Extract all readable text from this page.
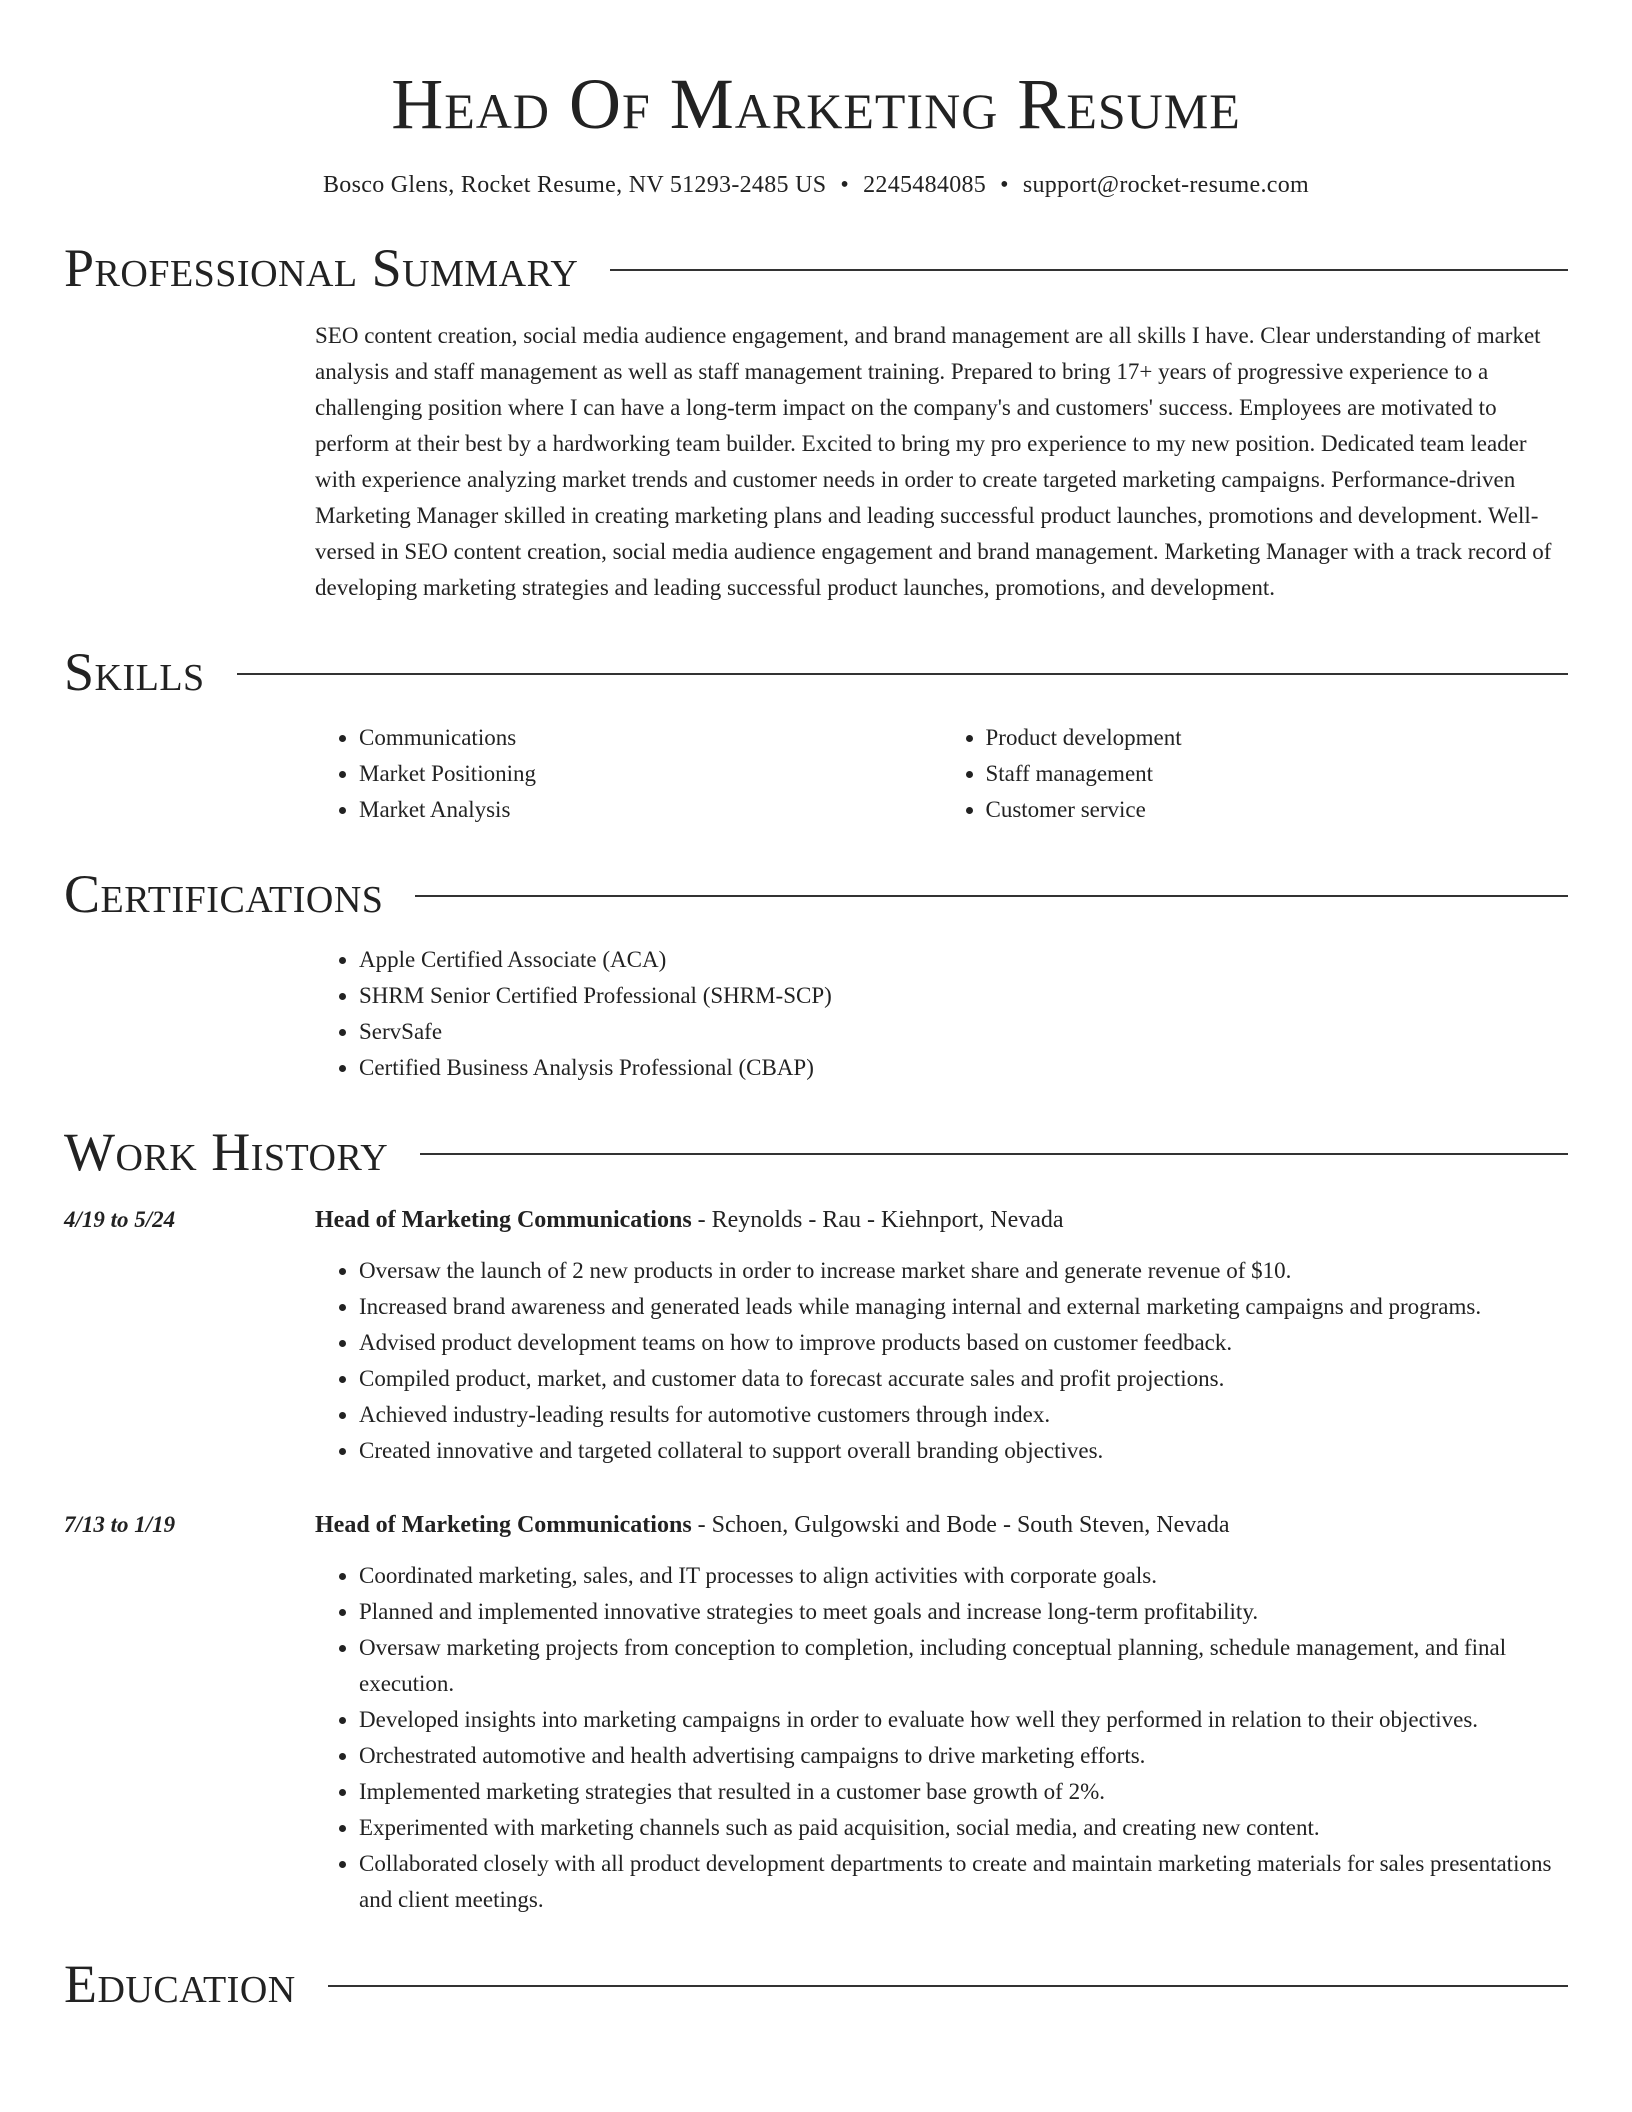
Head Of Marketing Resume
Bosco Glens, Rocket Resume, NV 51293-2485 US • 2245484085 • support@rocket-resume.com
Professional Summary
SEO content creation, social media audience engagement, and brand management are all skills I have. Clear understanding of market analysis and staff management as well as staff management training. Prepared to bring 17+ years of progressive experience to a challenging position where I can have a long-term impact on the company's and customers' success. Employees are motivated to perform at their best by a hardworking team builder. Excited to bring my pro experience to my new position. Dedicated team leader with experience analyzing market trends and customer needs in order to create targeted marketing campaigns. Performance-driven Marketing Manager skilled in creating marketing plans and leading successful product launches, promotions and development. Well-versed in SEO content creation, social media audience engagement and brand management. Marketing Manager with a track record of developing marketing strategies and leading successful product launches, promotions, and development.
Skills
• Communications
• Market Positioning
• Market Analysis
• Product development
• Staff management
• Customer service
Certifications
• Apple Certified Associate (ACA)
• SHRM Senior Certified Professional (SHRM-SCP)
• ServSafe
• Certified Business Analysis Professional (CBAP)
Work History
4/19 to 5/24	Head of Marketing Communications - Reynolds - Rau - Kiehnport, Nevada
• Oversaw the launch of 2 new products in order to increase market share and generate revenue of $10.
• Increased brand awareness and generated leads while managing internal and external marketing campaigns and programs.
• Advised product development teams on how to improve products based on customer feedback.
• Compiled product, market, and customer data to forecast accurate sales and profit projections.
• Achieved industry-leading results for automotive customers through index.
• Created innovative and targeted collateral to support overall branding objectives.
7/13 to 1/19	Head of Marketing Communications - Schoen, Gulgowski and Bode - South Steven, Nevada
• Coordinated marketing, sales, and IT processes to align activities with corporate goals.
• Planned and implemented innovative strategies to meet goals and increase long-term profitability.
• Oversaw marketing projects from conception to completion, including conceptual planning, schedule management, and final execution.
• Developed insights into marketing campaigns in order to evaluate how well they performed in relation to their objectives.
• Orchestrated automotive and health advertising campaigns to drive marketing efforts.
• Implemented marketing strategies that resulted in a customer base growth of 2%.
• Experimented with marketing channels such as paid acquisition, social media, and creating new content.
• Collaborated closely with all product development departments to create and maintain marketing materials for sales presentations and client meetings.
Education
